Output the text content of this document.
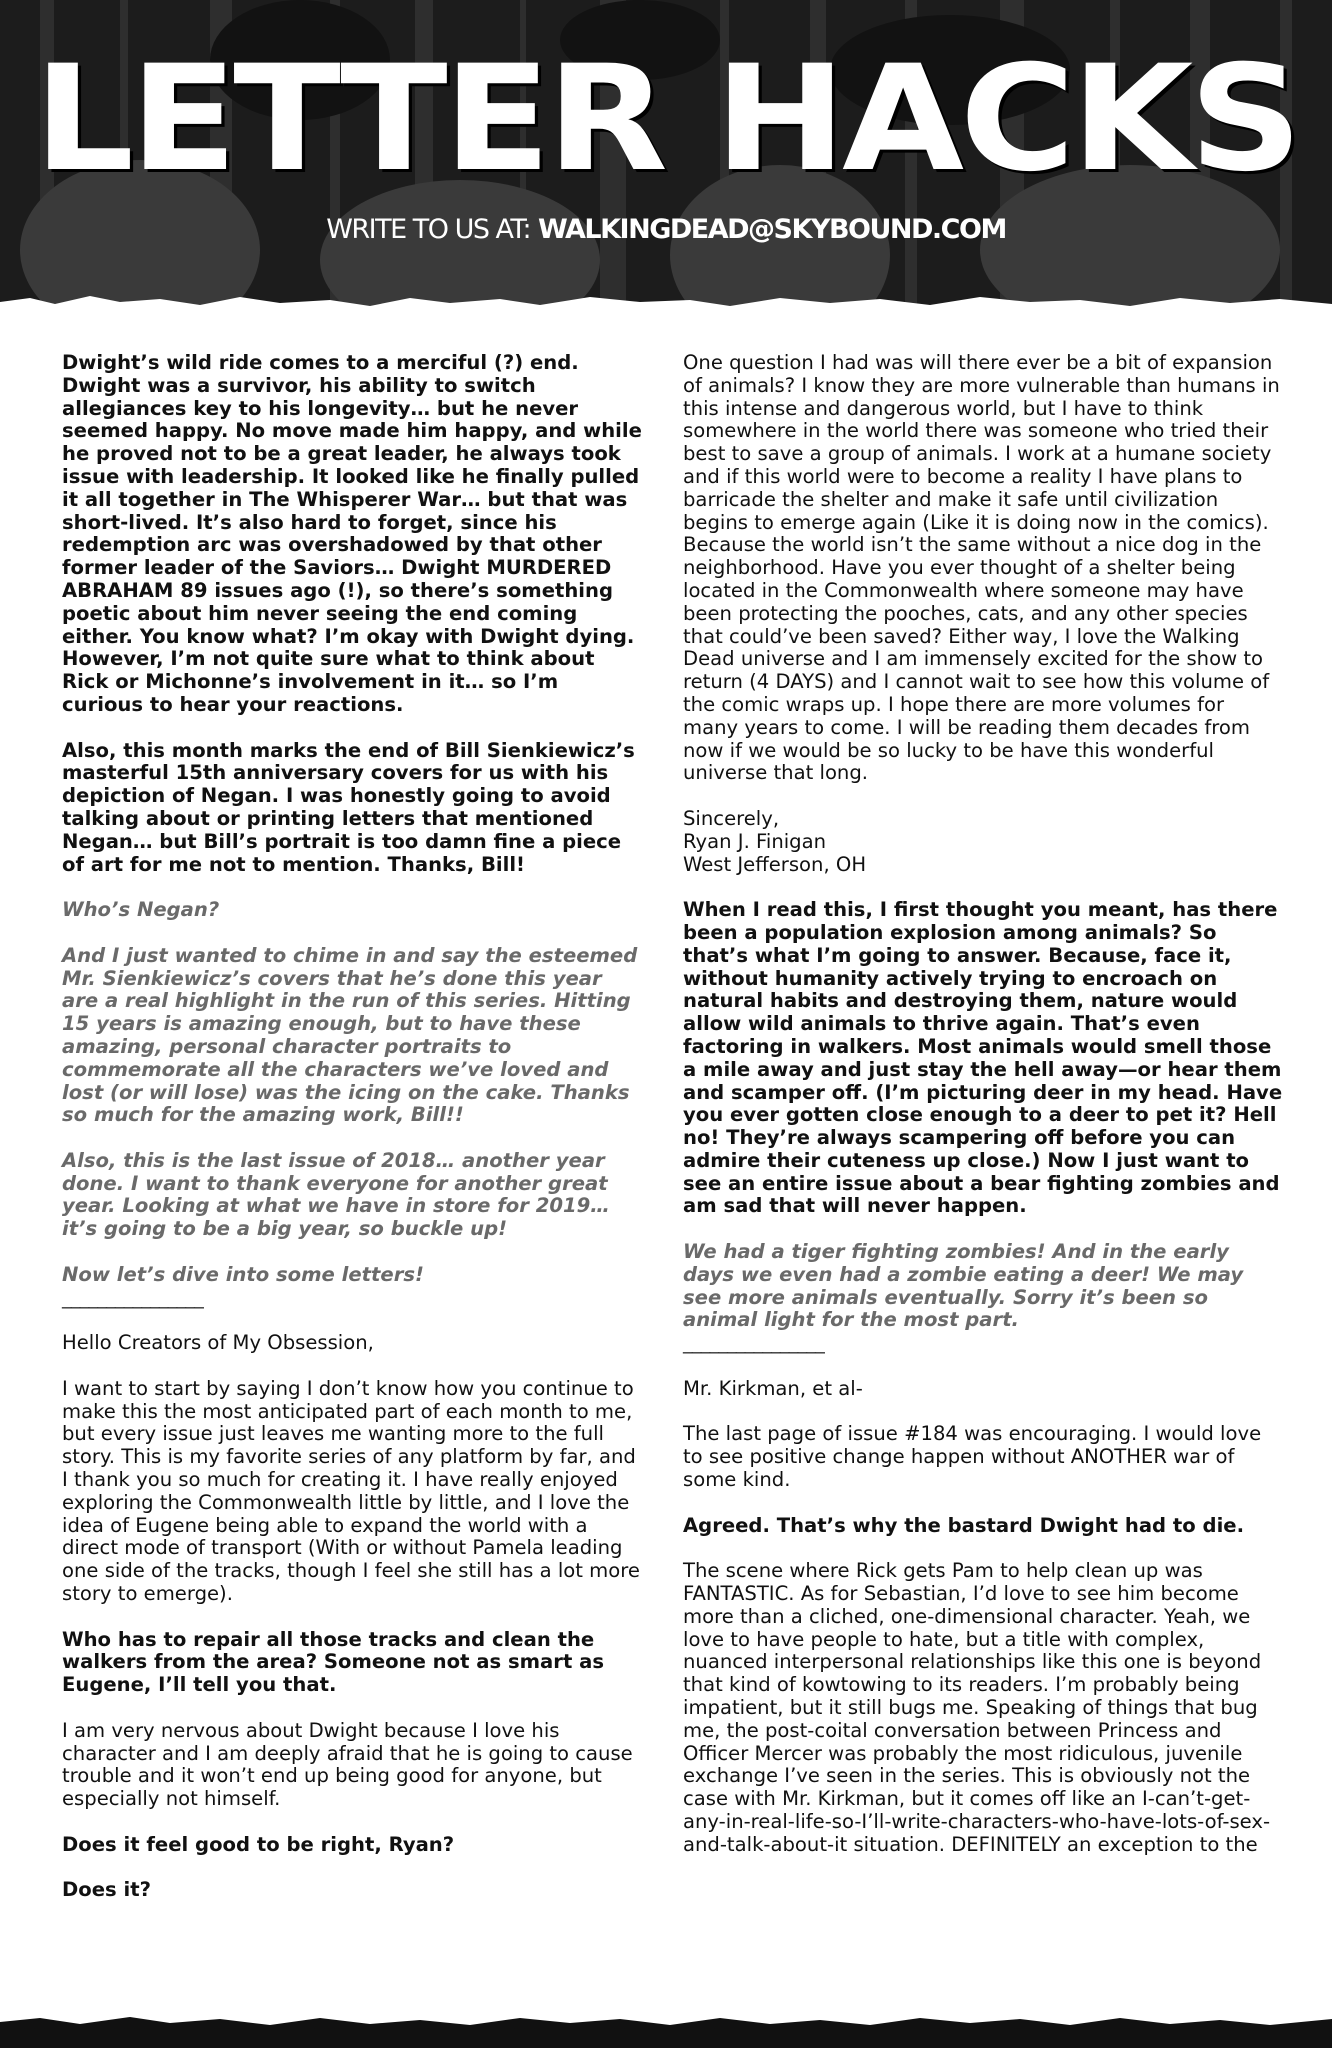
LETTER HACKS
WRITE TO US AT: WALKINGDEAD@SKYBOUND.COM

Dwight’s wild ride comes to a merciful (?) end. Dwight was a survivor, his ability to switch allegiances key to his longevity… but he never seemed happy. No move made him happy, and while he proved not to be a great leader, he always took issue with leadership. It looked like he finally pulled it all together in The Whisperer War… but that was short-lived. It’s also hard to forget, since his redemption arc was overshadowed by that other former leader of the Saviors… Dwight MURDERED ABRAHAM 89 issues ago (!), so there’s something poetic about him never seeing the end coming either. You know what? I’m okay with Dwight dying. However, I’m not quite sure what to think about Rick or Michonne’s involvement in it… so I’m curious to hear your reactions.

Also, this month marks the end of Bill Sienkiewicz’s masterful 15th anniversary covers for us with his depiction of Negan. I was honestly going to avoid talking about or printing letters that mentioned Negan… but Bill’s portrait is too damn fine a piece of art for me not to mention. Thanks, Bill!

Who’s Negan?

And I just wanted to chime in and say the esteemed Mr. Sienkiewicz’s covers that he’s done this year are a real highlight in the run of this series. Hitting 15 years is amazing enough, but to have these amazing, personal character portraits to commemorate all the characters we’ve loved and lost (or will lose) was the icing on the cake. Thanks so much for the amazing work, Bill!!

Also, this is the last issue of 2018… another year done. I want to thank everyone for another great year. Looking at what we have in store for 2019… it’s going to be a big year, so buckle up!

Now let’s dive into some letters!

________________

Hello Creators of My Obsession,

I want to start by saying I don’t know how you continue to make this the most anticipated part of each month to me, but every issue just leaves me wanting more to the full story. This is my favorite series of any platform by far, and I thank you so much for creating it. I have really enjoyed exploring the Commonwealth little by little, and I love the idea of Eugene being able to expand the world with a direct mode of transport (With or without Pamela leading one side of the tracks, though I feel she still has a lot more story to emerge).

Who has to repair all those tracks and clean the walkers from the area? Someone not as smart as Eugene, I’ll tell you that.

I am very nervous about Dwight because I love his character and I am deeply afraid that he is going to cause trouble and it won’t end up being good for anyone, but especially not himself.

Does it feel good to be right, Ryan?

Does it?

One question I had was will there ever be a bit of expansion of animals? I know they are more vulnerable than humans in this intense and dangerous world, but I have to think somewhere in the world there was someone who tried their best to save a group of animals. I work at a humane society and if this world were to become a reality I have plans to barricade the shelter and make it safe until civilization begins to emerge again (Like it is doing now in the comics). Because the world isn’t the same without a nice dog in the neighborhood. Have you ever thought of a shelter being located in the Commonwealth where someone may have been protecting the pooches, cats, and any other species that could’ve been saved? Either way, I love the Walking Dead universe and I am immensely excited for the show to return (4 DAYS) and I cannot wait to see how this volume of the comic wraps up. I hope there are more volumes for many years to come. I will be reading them decades from now if we would be so lucky to be have this wonderful universe that long.

Sincerely,
Ryan J. Finigan
West Jefferson, OH

When I read this, I first thought you meant, has there been a population explosion among animals? So that’s what I’m going to answer. Because, face it, without humanity actively trying to encroach on natural habits and destroying them, nature would allow wild animals to thrive again. That’s even factoring in walkers. Most animals would smell those a mile away and just stay the hell away—or hear them and scamper off. (I’m picturing deer in my head. Have you ever gotten close enough to a deer to pet it? Hell no! They’re always scampering off before you can admire their cuteness up close.) Now I just want to see an entire issue about a bear fighting zombies and am sad that will never happen.

We had a tiger fighting zombies! And in the early days we even had a zombie eating a deer! We may see more animals eventually. Sorry it’s been so animal light for the most part.

________________

Mr. Kirkman, et al-

The last page of issue #184 was encouraging. I would love to see positive change happen without ANOTHER war of some kind.

Agreed. That’s why the bastard Dwight had to die.

The scene where Rick gets Pam to help clean up was FANTASTIC. As for Sebastian, I’d love to see him become more than a cliched, one-dimensional character. Yeah, we love to have people to hate, but a title with complex, nuanced interpersonal relationships like this one is beyond that kind of kowtowing to its readers. I’m probably being impatient, but it still bugs me. Speaking of things that bug me, the post-coital conversation between Princess and Officer Mercer was probably the most ridiculous, juvenile exchange I’ve seen in the series. This is obviously not the case with Mr. Kirkman, but it comes off like an I-can’t-get-any-in-real-life-so-I’ll-write-characters-who-have-lots-of-sex-and-talk-about-it situation. DEFINITELY an exception to the
